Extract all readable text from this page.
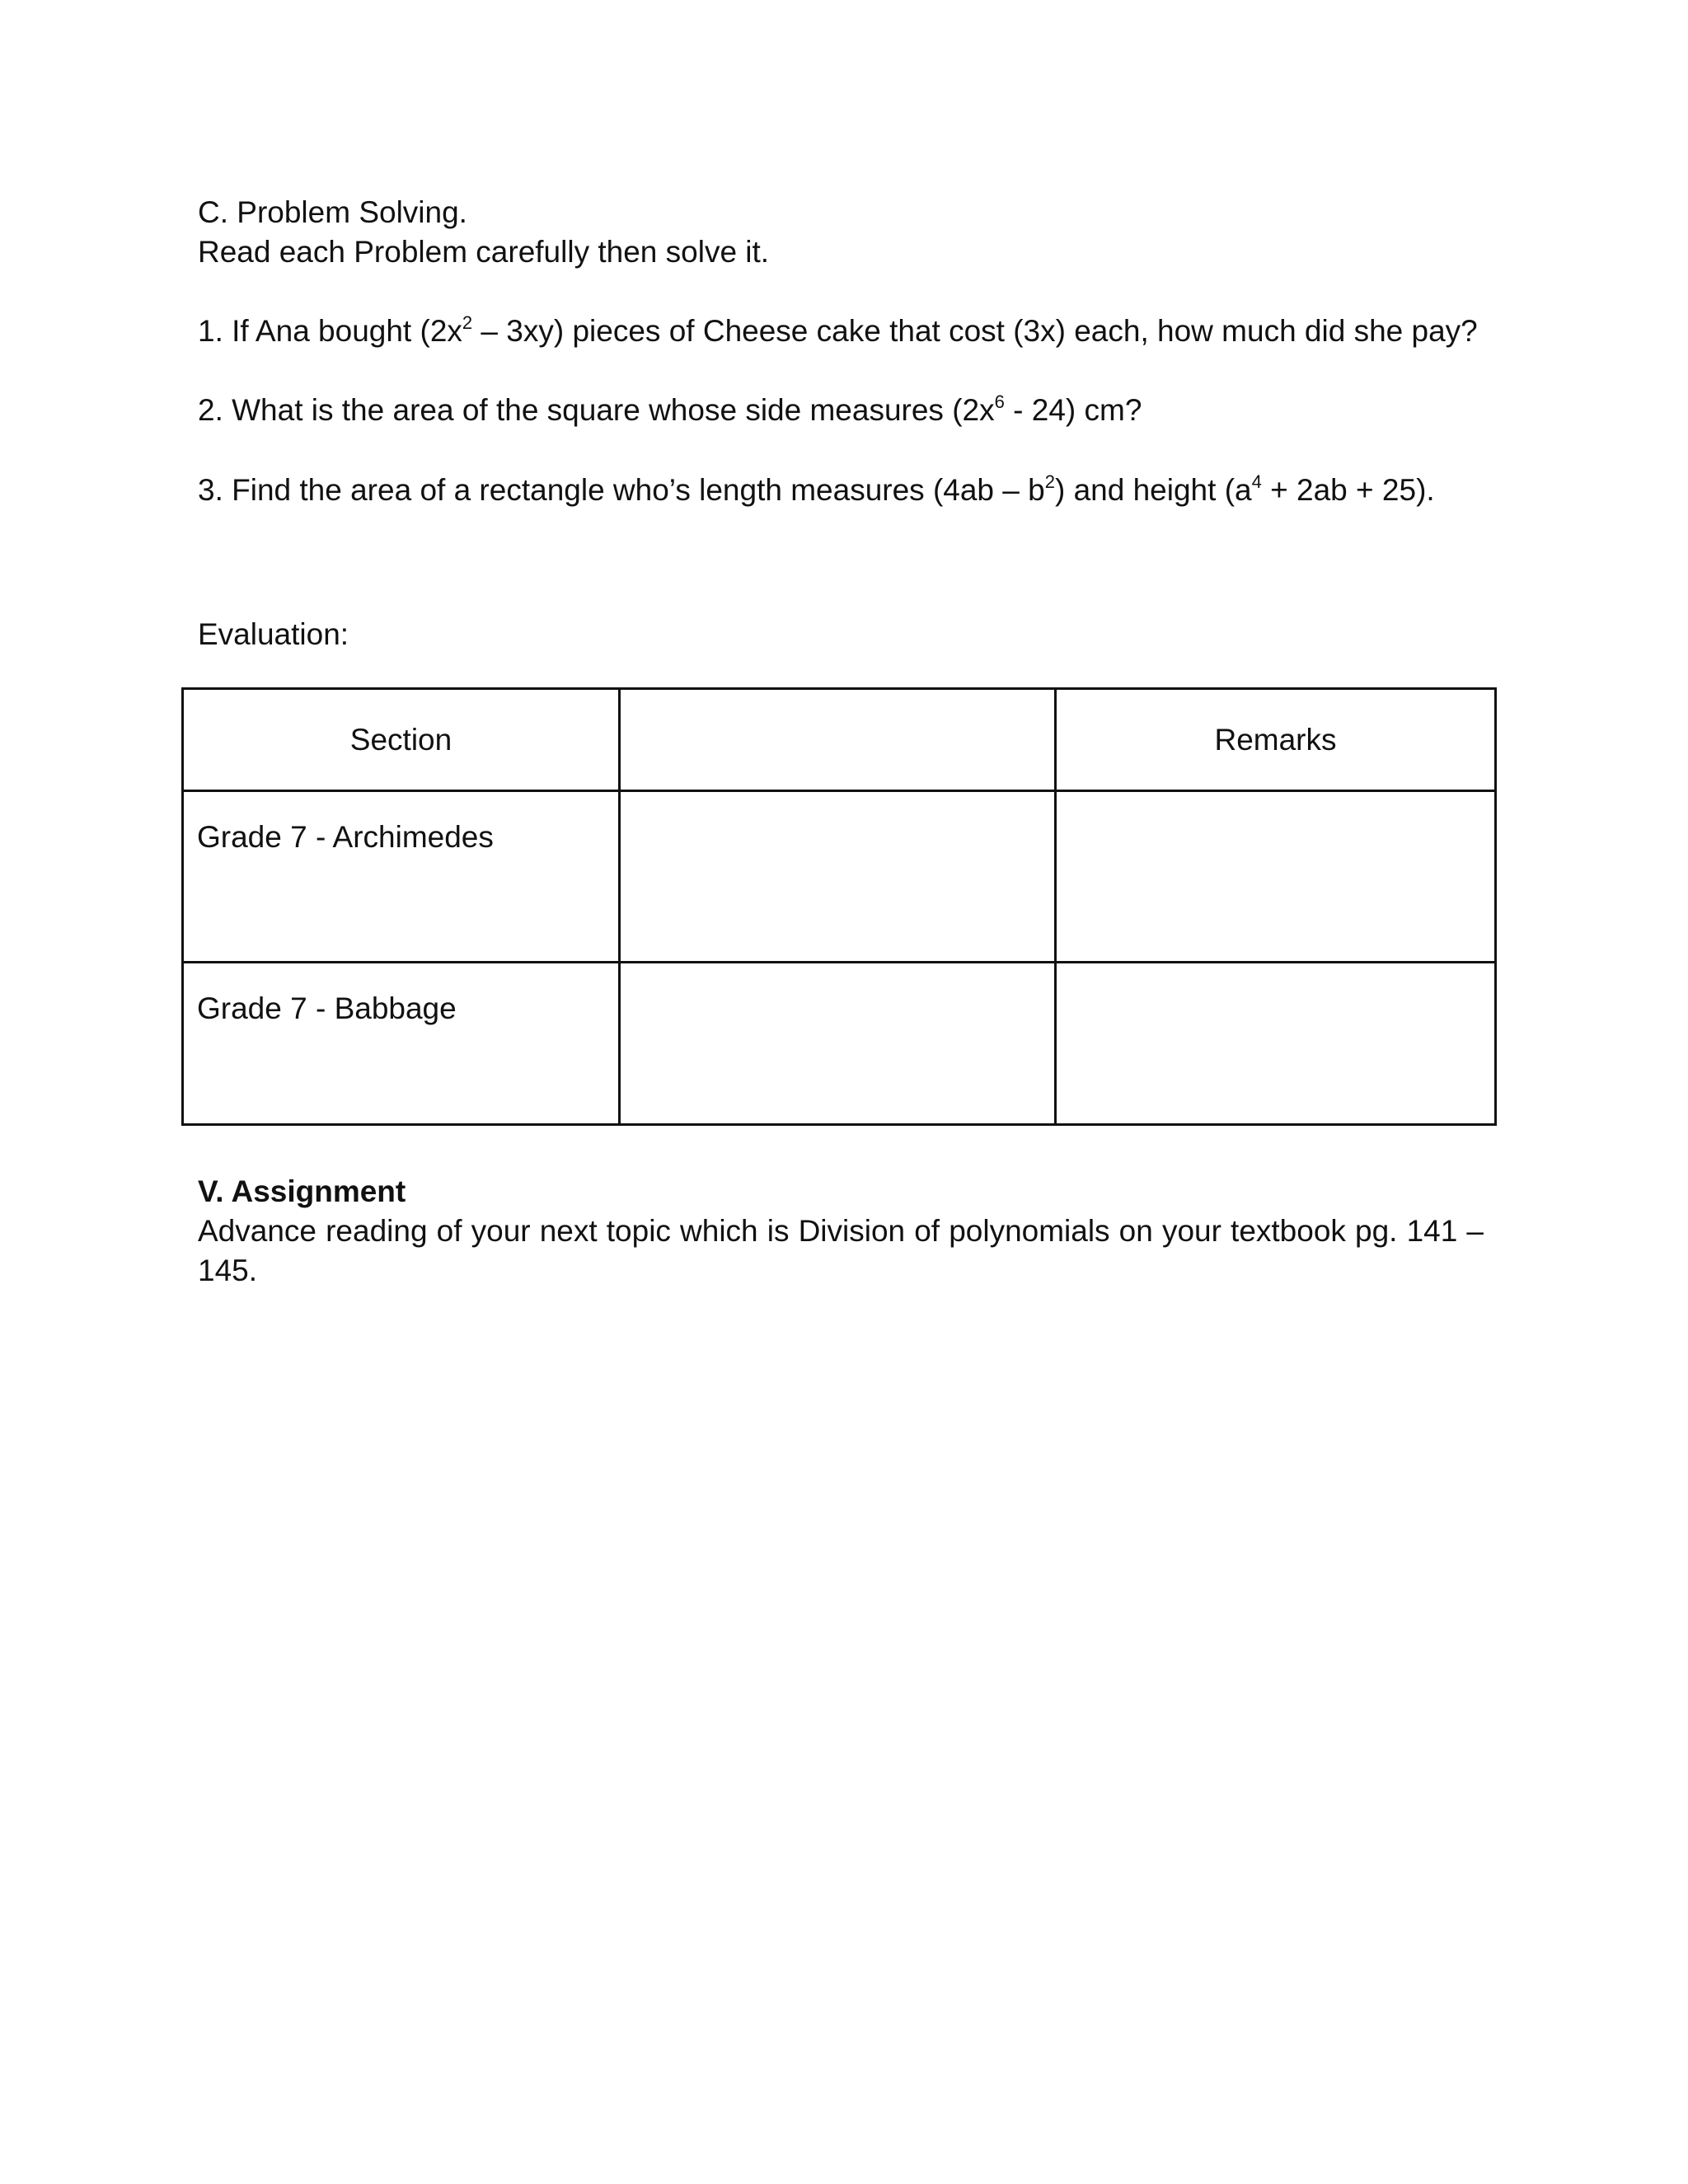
C. Problem Solving.
Read each Problem carefully then solve it.
1. If Ana bought $(2x^2 - 3xy)$ pieces of Cheese cake that cost (3x) each, how much did she pay?
2. What is the area of the square whose side measures $(2x^6 - 24)$ cm?
3. Find the area of a rectangle who’s length measures $(4ab - b^2)$ and height $(a^4 + 2ab + 25)$.
Evaluation:
Section		Remarks
Grade 7 - Archimedes		
Grade 7 - Babbage		
V. Assignment
Advance reading of your next topic which is Division of polynomials on your textbook pg. 141 – 145.
